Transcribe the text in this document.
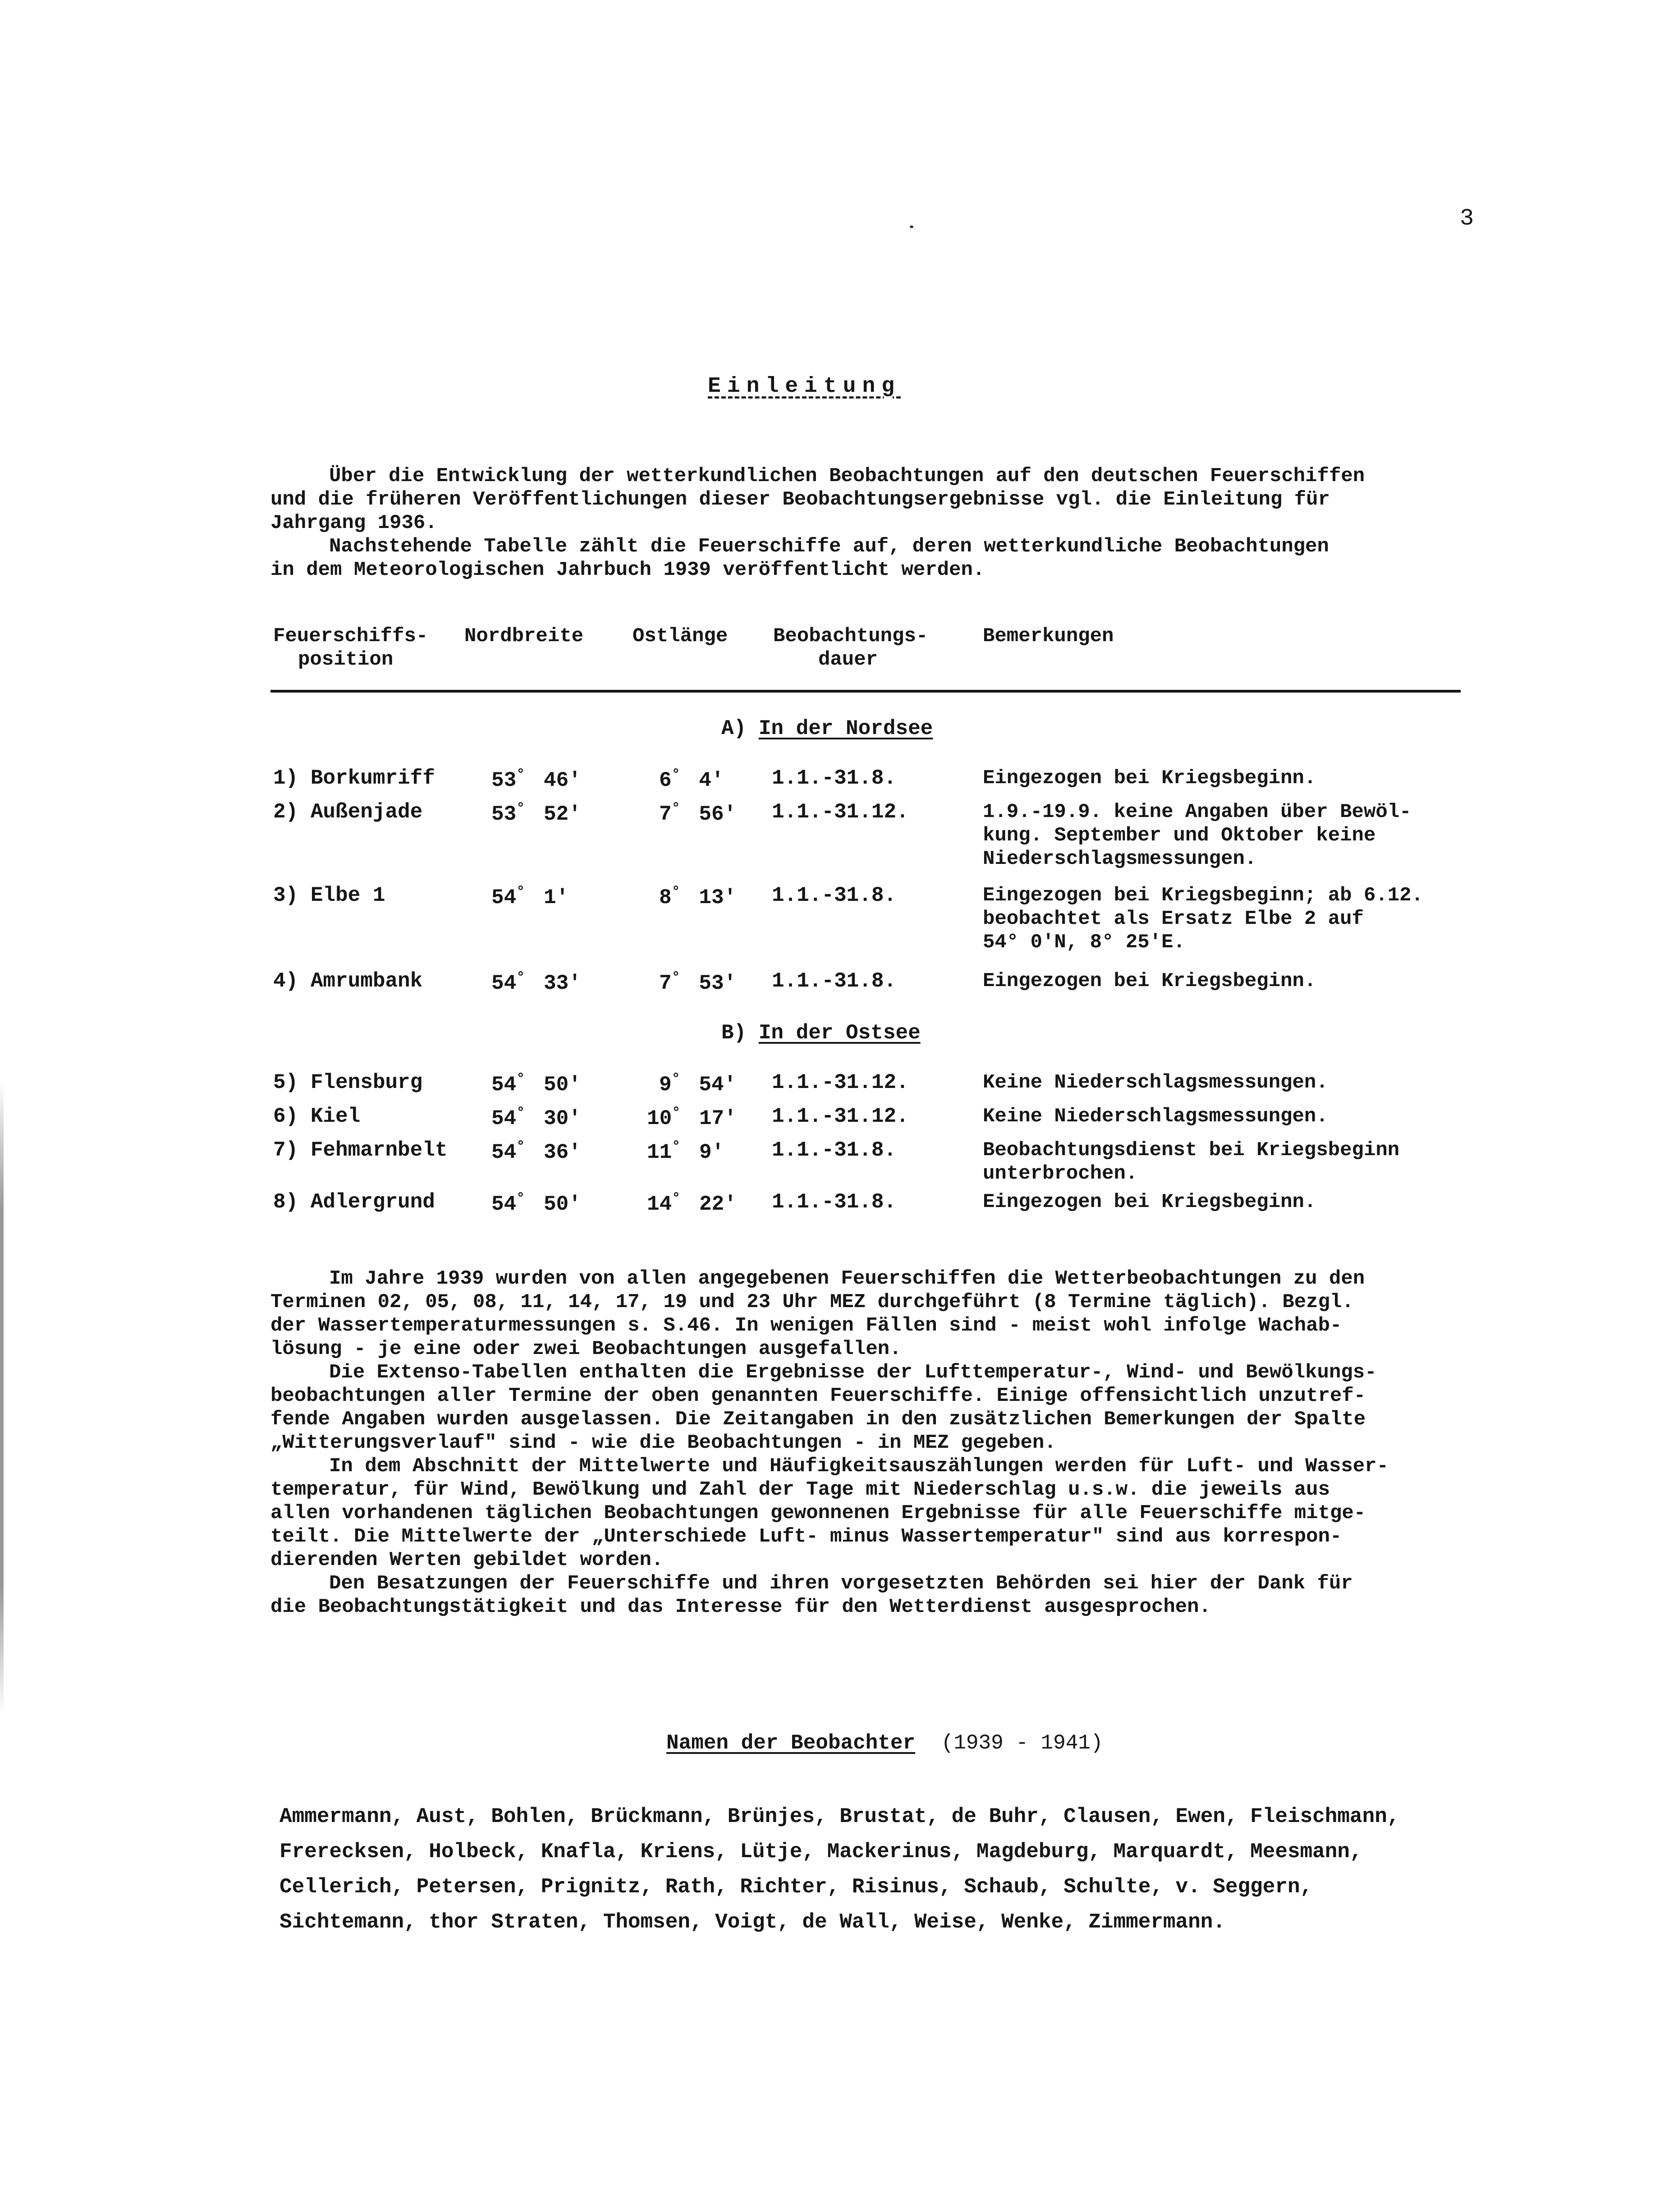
3
Einleitung
Über die Entwicklung der wetterkundlichen Beobachtungen auf den deutschen Feuerschiffen
und die früheren Veröffentlichungen dieser Beobachtungsergebnisse vgl. die Einleitung für
Jahrgang 1936.
Nachstehende Tabelle zählt die Feuerschiffe auf, deren wetterkundliche Beobachtungen
in dem Meteorologischen Jahrbuch 1939 veröffentlicht werden.
Feuerschiffs-
position
Nordbreite Ostlänge Beobachtungs-
dauer
Bemerkungen
A) In der Nordsee
B) In der Ostsee
1) Borkumriff	53° 46'	6° 4' 1.1.-31.8.	Eingezogen bei Kriegsbeginn.
2) Außenjade	53° 52'	7° 56' 1.1.-31.12.	1.9.-19.9. keine Angaben über Bewöl-
kung. September und Oktober keine
Niederschlagsmessungen.
3) Elbe 1	54° 1'	8° 13' 1.1.-31.8.	Eingezogen bei Kriegsbeginn; ab 6.12.
beobachtet als Ersatz Elbe 2 auf
54° 0'N, 8° 25'E.
4) Amrumbank	54° 33'	7° 53' 1.1.-31.8.	Eingezogen bei Kriegsbeginn.
5) Flensburg	54° 50'	9° 54' 1.1.-31.12.	Keine Niederschlagsmessungen.
6) Kiel	54° 30'	10° 17' 1.1.-31.12.	Keine Niederschlagsmessungen.
7) Fehmarnbelt 54° 36'	11° 9' 1.1.-31.8.	Beobachtungsdienst bei Kriegsbeginn
unterbrochen.
8) Adlergrund	54° 50'	14° 22' 1.1.-31.8.	Eingezogen bei Kriegsbeginn.
Im Jahre 1939 wurden von allen angegebenen Feuerschiffen die Wetterbeobachtungen zu den
Terminen 02, 05, 08, 11, 14, 17, 19 und 23 Uhr MEZ durchgeführt (8 Termine täglich). Bezgl.
der Wassertemperaturmessungen s. S.46. In wenigen Fällen sind - meist wohl infolge Wachab-
lösung - je eine oder zwei Beobachtungen ausgefallen.
Die Extenso-Tabellen enthalten die Ergebnisse der Lufttemperatur-, Wind- und Bewölkungs-
beobachtungen aller Termine der oben genannten Feuerschiffe. Einige offensichtlich unzutref-
fende Angaben wurden ausgelassen. Die Zeitangaben in den zusätzlichen Bemerkungen der Spalte
„Witterungsverlauf" sind - wie die Beobachtungen - in MEZ gegeben.
In dem Abschnitt der Mittelwerte und Häufigkeitsauszählungen werden für Luft- und Wasser-
temperatur, für Wind, Bewölkung und Zahl der Tage mit Niederschlag u.s.w. die jeweils aus
allen vorhandenen täglichen Beobachtungen gewonnenen Ergebnisse für alle Feuerschiffe mitge-
teilt. Die Mittelwerte der „Unterschiede Luft- minus Wassertemperatur" sind aus korrespon-
dierenden Werten gebildet worden.
Den Besatzungen der Feuerschiffe und ihren vorgesetzten Behörden sei hier der Dank für
die Beobachtungstätigkeit und das Interesse für den Wetterdienst ausgesprochen.
Namen der Beobachter (1939 - 1941)
Ammermann, Aust, Bohlen, Brückmann, Brünjes, Brustat, de Buhr, Clausen, Ewen, Fleischmann,
Frerecksen, Holbeck, Knafla, Kriens, Lütje, Mackerinus, Magdeburg, Marquardt, Meesmann,
Cellerich, Petersen, Prignitz, Rath, Richter, Risinus, Schaub, Schulte, v. Seggern,
Sichtemann, thor Straten, Thomsen, Voigt, de Wall, Weise, Wenke, Zimmermann.
